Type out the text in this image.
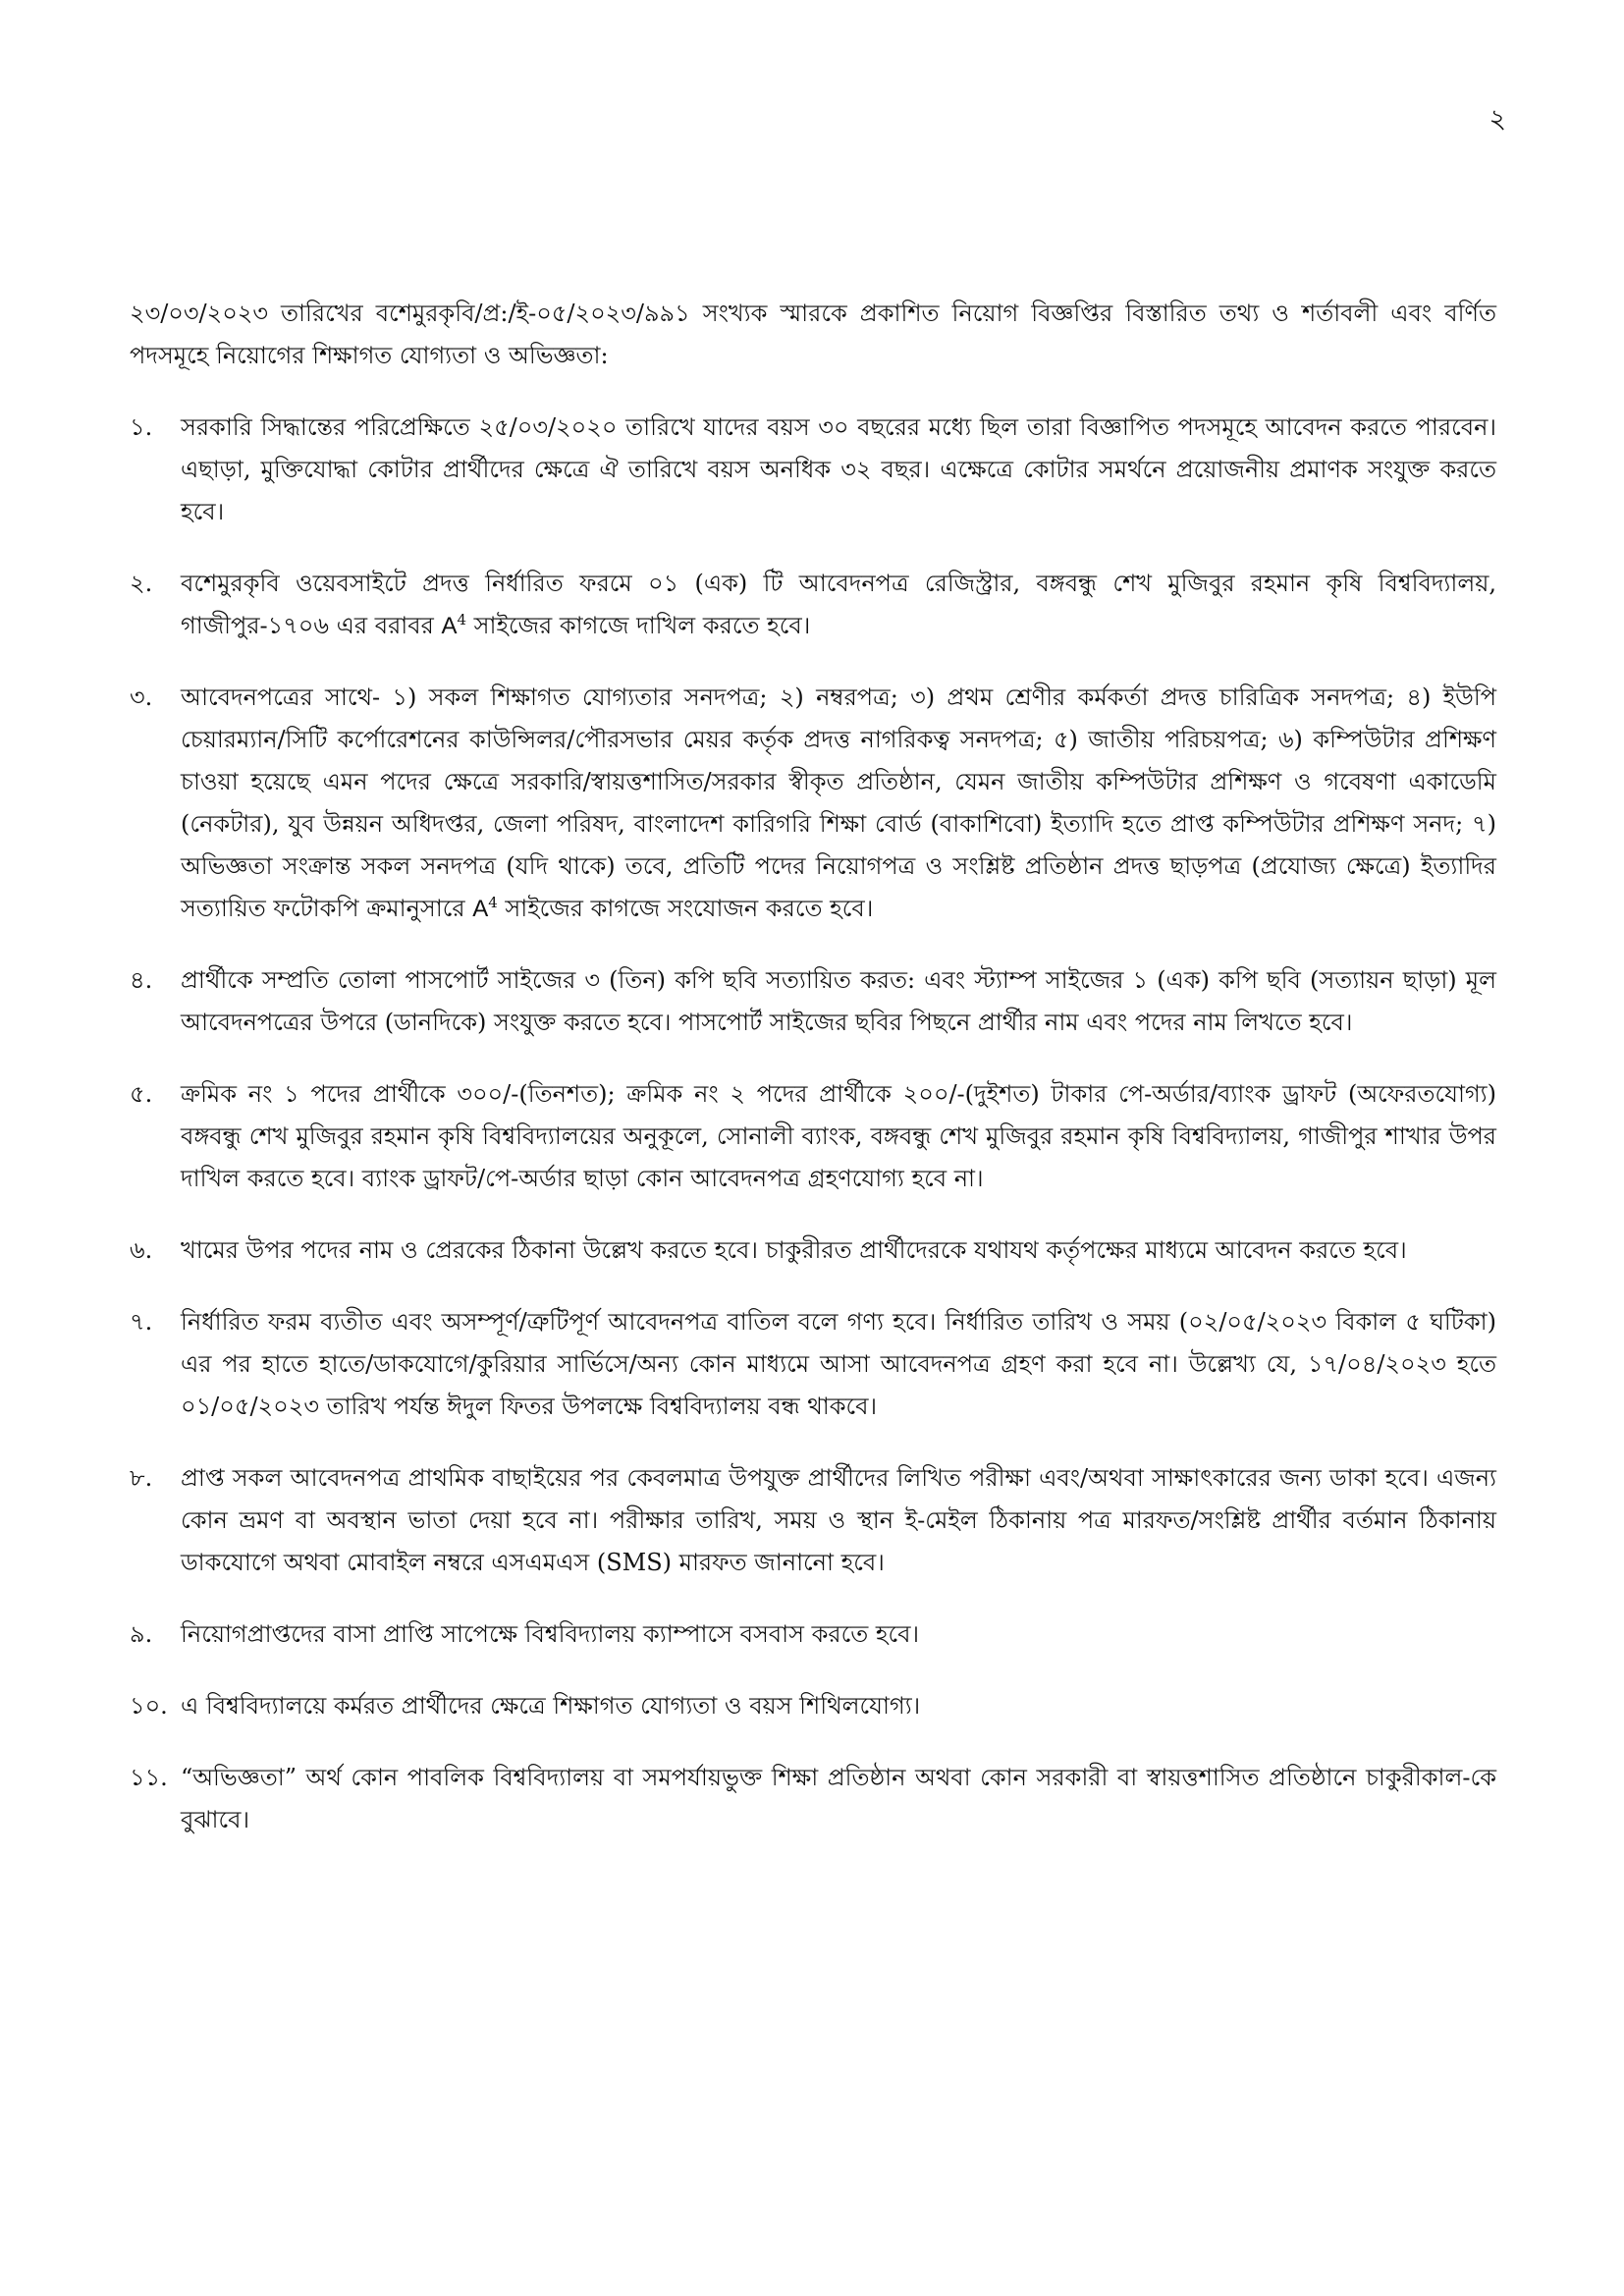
২

২৩/০৩/২০২৩ তারিখের বশেমুরকৃবি/প্র:/ই-০৫/২০২৩/৯৯১ সংখ্যক স্মারকে প্রকাশিত নিয়োগ বিজ্ঞপ্তির বিস্তারিত তথ্য ও শর্তাবলী এবং বর্ণিত পদসমূহে নিয়োগের শিক্ষাগত যোগ্যতা ও অভিজ্ঞতা:

১.	সরকারি সিদ্ধান্তের পরিপ্রেক্ষিতে ২৫/০৩/২০২০ তারিখে যাদের বয়স ৩০ বছরের মধ্যে ছিল তারা বিজ্ঞাপিত পদসমূহে আবেদন করতে পারবেন। এছাড়া, মুক্তিযোদ্ধা কোটার প্রার্থীদের ক্ষেত্রে ঐ তারিখে বয়স অনধিক ৩২ বছর। এক্ষেত্রে কোটার সমর্থনে প্রয়োজনীয় প্রমাণক সংযুক্ত করতে হবে।
২.	বশেমুরকৃবি ওয়েবসাইটে প্রদত্ত নির্ধারিত ফরমে ০১ (এক) টি আবেদনপত্র রেজিস্ট্রার, বঙ্গবন্ধু শেখ মুজিবুর রহমান কৃষি বিশ্ববিদ্যালয়, গাজীপুর-১৭০৬ এর বরাবর $A^4$ সাইজের কাগজে দাখিল করতে হবে।
৩.	আবেদনপত্রের সাথে- ১) সকল শিক্ষাগত যোগ্যতার সনদপত্র; ২) নম্বরপত্র; ৩) প্রথম শ্রেণীর কর্মকর্তা প্রদত্ত চারিত্রিক সনদপত্র; ৪) ইউপি চেয়ারম্যান/সিটি কর্পোরেশনের কাউন্সিলর/পৌরসভার মেয়র কর্তৃক প্রদত্ত নাগরিকত্ব সনদপত্র; ৫) জাতীয় পরিচয়পত্র; ৬) কম্পিউটার প্রশিক্ষণ চাওয়া হয়েছে এমন পদের ক্ষেত্রে সরকারি/স্বায়ত্তশাসিত/সরকার স্বীকৃত প্রতিষ্ঠান, যেমন জাতীয় কম্পিউটার প্রশিক্ষণ ও গবেষণা একাডেমি (নেকটার), যুব উন্নয়ন অধিদপ্তর, জেলা পরিষদ, বাংলাদেশ কারিগরি শিক্ষা বোর্ড (বাকাশিবো) ইত্যাদি হতে প্রাপ্ত কম্পিউটার প্রশিক্ষণ সনদ; ৭) অভিজ্ঞতা সংক্রান্ত সকল সনদপত্র (যদি থাকে) তবে, প্রতিটি পদের নিয়োগপত্র ও সংশ্লিষ্ট প্রতিষ্ঠান প্রদত্ত ছাড়পত্র (প্রযোজ্য ক্ষেত্রে) ইত্যাদির সত্যায়িত ফটোকপি ক্রমানুসারে $A^4$ সাইজের কাগজে সংযোজন করতে হবে।
৪.	প্রার্থীকে সম্প্রতি তোলা পাসপোর্ট সাইজের ৩ (তিন) কপি ছবি সত্যায়িত করত: এবং স্ট্যাম্প সাইজের ১ (এক) কপি ছবি (সত্যায়ন ছাড়া) মূল আবেদনপত্রের উপরে (ডানদিকে) সংযুক্ত করতে হবে। পাসপোর্ট সাইজের ছবির পিছনে প্রার্থীর নাম এবং পদের নাম লিখতে হবে।
৫.	ক্রমিক নং ১ পদের প্রার্থীকে ৩০০/-(তিনশত); ক্রমিক নং ২ পদের প্রার্থীকে ২০০/-(দুইশত) টাকার পে-অর্ডার/ব্যাংক ড্রাফট (অফেরতযোগ্য) বঙ্গবন্ধু শেখ মুজিবুর রহমান কৃষি বিশ্ববিদ্যালয়ের অনুকূলে, সোনালী ব্যাংক, বঙ্গবন্ধু শেখ মুজিবুর রহমান কৃষি বিশ্ববিদ্যালয়, গাজীপুর শাখার উপর দাখিল করতে হবে। ব্যাংক ড্রাফট/পে-অর্ডার ছাড়া কোন আবেদনপত্র গ্রহণযোগ্য হবে না।
৬.	খামের উপর পদের নাম ও প্রেরকের ঠিকানা উল্লেখ করতে হবে। চাকুরীরত প্রার্থীদেরকে যথাযথ কর্তৃপক্ষের মাধ্যমে আবেদন করতে হবে।
৭.	নির্ধারিত ফরম ব্যতীত এবং অসম্পূর্ণ/ত্রুটিপূর্ণ আবেদনপত্র বাতিল বলে গণ্য হবে। নির্ধারিত তারিখ ও সময় (০২/০৫/২০২৩ বিকাল ৫ ঘটিকা) এর পর হাতে হাতে/ডাকযোগে/কুরিয়ার সার্ভিসে/অন্য কোন মাধ্যমে আসা আবেদনপত্র গ্রহণ করা হবে না। উল্লেখ্য যে, ১৭/০৪/২০২৩ হতে ০১/০৫/২০২৩ তারিখ পর্যন্ত ঈদুল ফিতর উপলক্ষে বিশ্ববিদ্যালয় বন্ধ থাকবে।
৮.	প্রাপ্ত সকল আবেদনপত্র প্রাথমিক বাছাইয়ের পর কেবলমাত্র উপযুক্ত প্রার্থীদের লিখিত পরীক্ষা এবং/অথবা সাক্ষাৎকারের জন্য ডাকা হবে। এজন্য কোন ভ্রমণ বা অবস্থান ভাতা দেয়া হবে না। পরীক্ষার তারিখ, সময় ও স্থান ই-মেইল ঠিকানায় পত্র মারফত/সংশ্লিষ্ট প্রার্থীর বর্তমান ঠিকানায় ডাকযোগে অথবা মোবাইল নম্বরে এসএমএস (SMS) মারফত জানানো হবে।
৯.	নিয়োগপ্রাপ্তদের বাসা প্রাপ্তি সাপেক্ষে বিশ্ববিদ্যালয় ক্যাম্পাসে বসবাস করতে হবে।
১০. এ বিশ্ববিদ্যালয়ে কর্মরত প্রার্থীদের ক্ষেত্রে শিক্ষাগত যোগ্যতা ও বয়স শিথিলযোগ্য।
১১. “অভিজ্ঞতা” অর্থ কোন পাবলিক বিশ্ববিদ্যালয় বা সমপর্যায়ভুক্ত শিক্ষা প্রতিষ্ঠান অথবা কোন সরকারী বা স্বায়ত্তশাসিত প্রতিষ্ঠানে চাকুরীকাল-কে বুঝাবে।
